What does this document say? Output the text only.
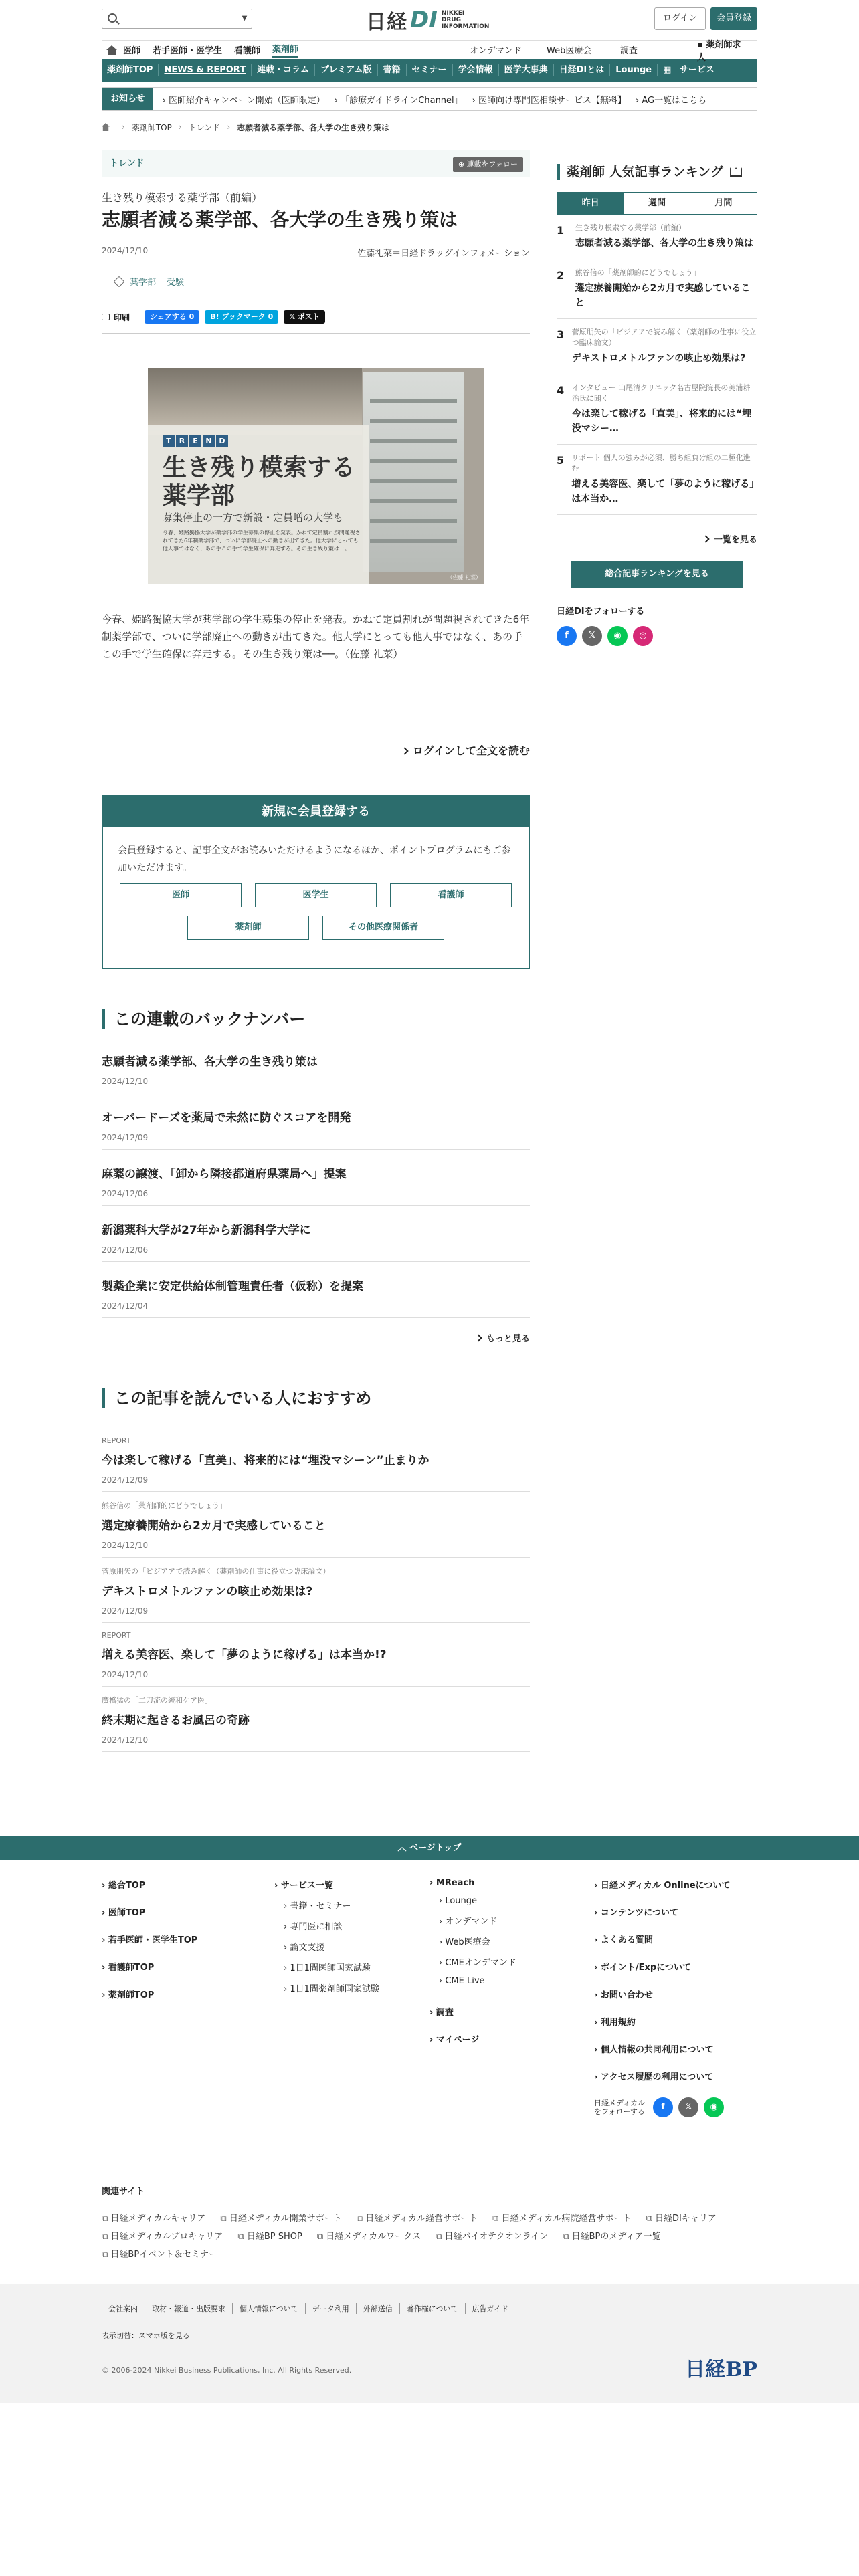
▼	日経 DI NIKKEI
DRUG
INFORMATION
ログイン	会員登録
医師 若手医師・医学生 看護師 薬剤師	オンデマンド	Web医療会	調査
▪ 薬剤師求人
薬剤師TOP	NEWS & REPORT	連載・コラム	プレミアム版	書籍	セミナー	学会情報	医学大事典	日経DIとは	Lounge	▦ サービス
お知らせ	› 医師紹介キャンペーン開始（医師限定） › 「診療ガイドラインChannel」 › 医師向け専門医相談サービス【無料】 › AG一覧はこちら
› 薬剤師TOP › トレンド › 志願者減る薬学部、各大学の生き残り策は
トレンド	⊕ 連載をフォロー
生き残り模索する薬学部（前編）
志願者減る薬学部、各大学の生き残り策は
2024/12/10	佐藤礼菜＝日経ドラッグインフォメーション
薬学部 受験
印刷	シェアする 0	B! ブックマーク 0	𝕏 ポスト
T	R	E	N D
生き残り模索する
薬学部
募集停止の一方で新設・定員増の大学も
今春、姫路獨協大学が薬学部の学生募集の停止を発表。かねて定員割れが問題視されてきた6年制薬学部で、ついに学部廃止への動きが出てきた。他大学にとっても他人事ではなく、あの手この手で学生確保に奔走する。その生き残り策は一。
（佐藤 礼菜）
今春、姫路獨協大学が薬学部の学生募集の停止を発表。かねて定員割れが問題視されてきた6年制薬学部で、ついに学部廃止への動きが出てきた。他大学にとっても他人事ではなく、あの手この手で学生確保に奔走する。その生き残り策は──。（佐藤 礼菜）
ログインして全文を読む
新規に会員登録する
会員登録すると、記事全文がお読みいただけるようになるほか、ポイントプログラムにもご参加いただけます。
医師	医学生	看護師
薬剤師	その他医療関係者
この連載のバックナンバー
志願者減る薬学部、各大学の生き残り策は
2024/12/10
オーバードーズを薬局で未然に防ぐスコアを開発
2024/12/09
麻薬の譲渡、「卸から隣接都道府県薬局へ」提案
2024/12/06
新潟薬科大学が27年から新潟科学大学に
2024/12/06
製薬企業に安定供給体制管理責任者（仮称）を提案
2024/12/04
もっと見る
この記事を読んでいる人におすすめ
REPORT
今は楽して稼げる「直美」、将来的には“埋没マシーン”止まりか
2024/12/09
熊谷信の「薬剤師的にどうでしょう」
選定療養開始から2カ月で実感していること
2024/12/10
菅原朋矢の「ピジアアで読み解く（薬剤師の仕事に役立つ臨床論文）
デキストロメトルファンの咳止め効果は?
2024/12/09
REPORT
増える美容医、楽して「夢のように稼げる」は本当か!?
2024/12/10
廣橋猛の「二刀流の緩和ケア医」
終末期に起きるお風呂の奇跡
2024/12/10
薬剤師 人気記事ランキング
昨日	週間	月間
1	生き残り模索する薬学部（前編）
志願者減る薬学部、各大学の生き残り策は
2	熊谷信の「薬剤師的にどうでしょう」
選定療養開始から2カ月で実感していること
3	菅原朋矢の「ピジアアで読み解く（薬剤師の仕事に役立つ臨床論文）
デキストロメトルファンの咳止め効果は?
4	インタビュー 山尾清クリニック名古屋院院長の美浦耕治氏に聞く
今は楽して稼げる「直美」、将来的には“埋没マシー…
5	リポート 個人の強みが必須、勝ち組負け組の二極化進む
増える美容医、楽して「夢のように稼げる」は本当か…
一覧を見る
総合記事ランキングを見る
日経DIをフォローする
f	𝕏	◉	◎
︿ ページトップ
› 総合TOP
› 医師TOP
› 若手医師・医学生TOP
› 看護師TOP
› 薬剤師TOP
› サービス一覧
› 書籍・セミナー
› 専門医に相談
› 論文支援
› 1日1問医師国家試験
› 1日1問薬剤師国家試験
› MReach
› Lounge
› オンデマンド
› Web医療会
› CMEオンデマンド
› CME Live
› 調査
› マイページ
› 日経メディカル Onlineについて
› コンテンツについて
› よくある質問
› ポイント/Expについて
› お問い合わせ
› 利用規約
› 個人情報の共同利用について
› アクセス履歴の利用について
日経メディカル
をフォローする	f	𝕏	◉
関連サイト
⧉ 日経メディカルキャリア	⧉ 日経メディカル開業サポート	⧉ 日経メディカル経営サポート	⧉ 日経メディカル病院経営サポート	⧉ 日経DIキャリア
⧉ 日経メディカルプロキャリア	⧉ 日経BP SHOP	⧉ 日経メディカルワークス	⧉ 日経バイオテクオンライン	⧉ 日経BPのメディア一覧
⧉ 日経BPイベント＆セミナー
会社案内	取材・報道・出版要求	個人情報について	データ利用	外部送信	著作権について	広告ガイド
表示切替：スマホ版を見る
© 2006-2024 Nikkei Business Publications, Inc. All Rights Reserved.	日経BP
